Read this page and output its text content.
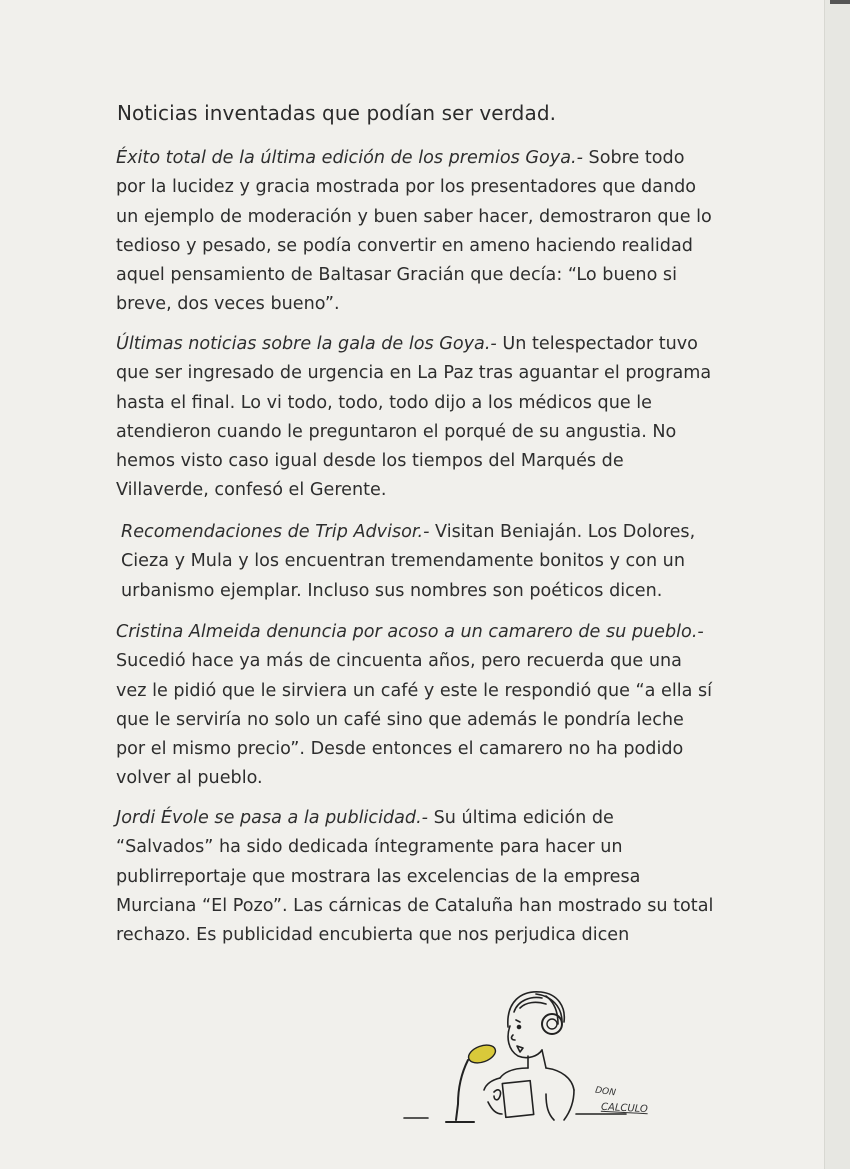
Noticias inventadas que podían ser verdad.

Éxito total de la última edición de los premios Goya.- Sobre todo por la lucidez y gracia mostrada por los presentadores que dando un ejemplo de moderación y buen saber hacer, demostraron que lo tedioso y pesado, se podía convertir en ameno haciendo realidad aquel pensamiento de Baltasar Gracián que decía: “Lo bueno si breve, dos veces bueno”.

Últimas noticias sobre la gala de los Goya.- Un telespectador tuvo que ser ingresado de urgencia en La Paz tras aguantar el programa hasta el final. Lo vi todo, todo, todo dijo a los médicos que le atendieron cuando le preguntaron el porqué de su angustia. No hemos visto caso igual desde los tiempos del Marqués de Villaverde, confesó el Gerente.

Recomendaciones de Trip Advisor.- Visitan Beniaján. Los Dolores, Cieza y Mula y los encuentran tremendamente bonitos y con un urbanismo ejemplar. Incluso sus nombres son poéticos dicen.

Cristina Almeida denuncia por acoso a un camarero de su pueblo.- Sucedió hace ya más de cincuenta años, pero recuerda que una vez le pidió que le sirviera un café y este le respondió que “a ella sí que le serviría no solo un café sino que además le pondría leche por el mismo precio”. Desde entonces el camarero no ha podido volver al pueblo.

Jordi Évole se pasa a la publicidad.- Su última edición de “Salvados” ha sido dedicada íntegramente para hacer un publirreportaje que mostrara las excelencias de la empresa Murciana “El Pozo”. Las cárnicas de Cataluña han mostrado su total rechazo. Es publicidad encubierta que nos perjudica dicen

DON
CALCULO
